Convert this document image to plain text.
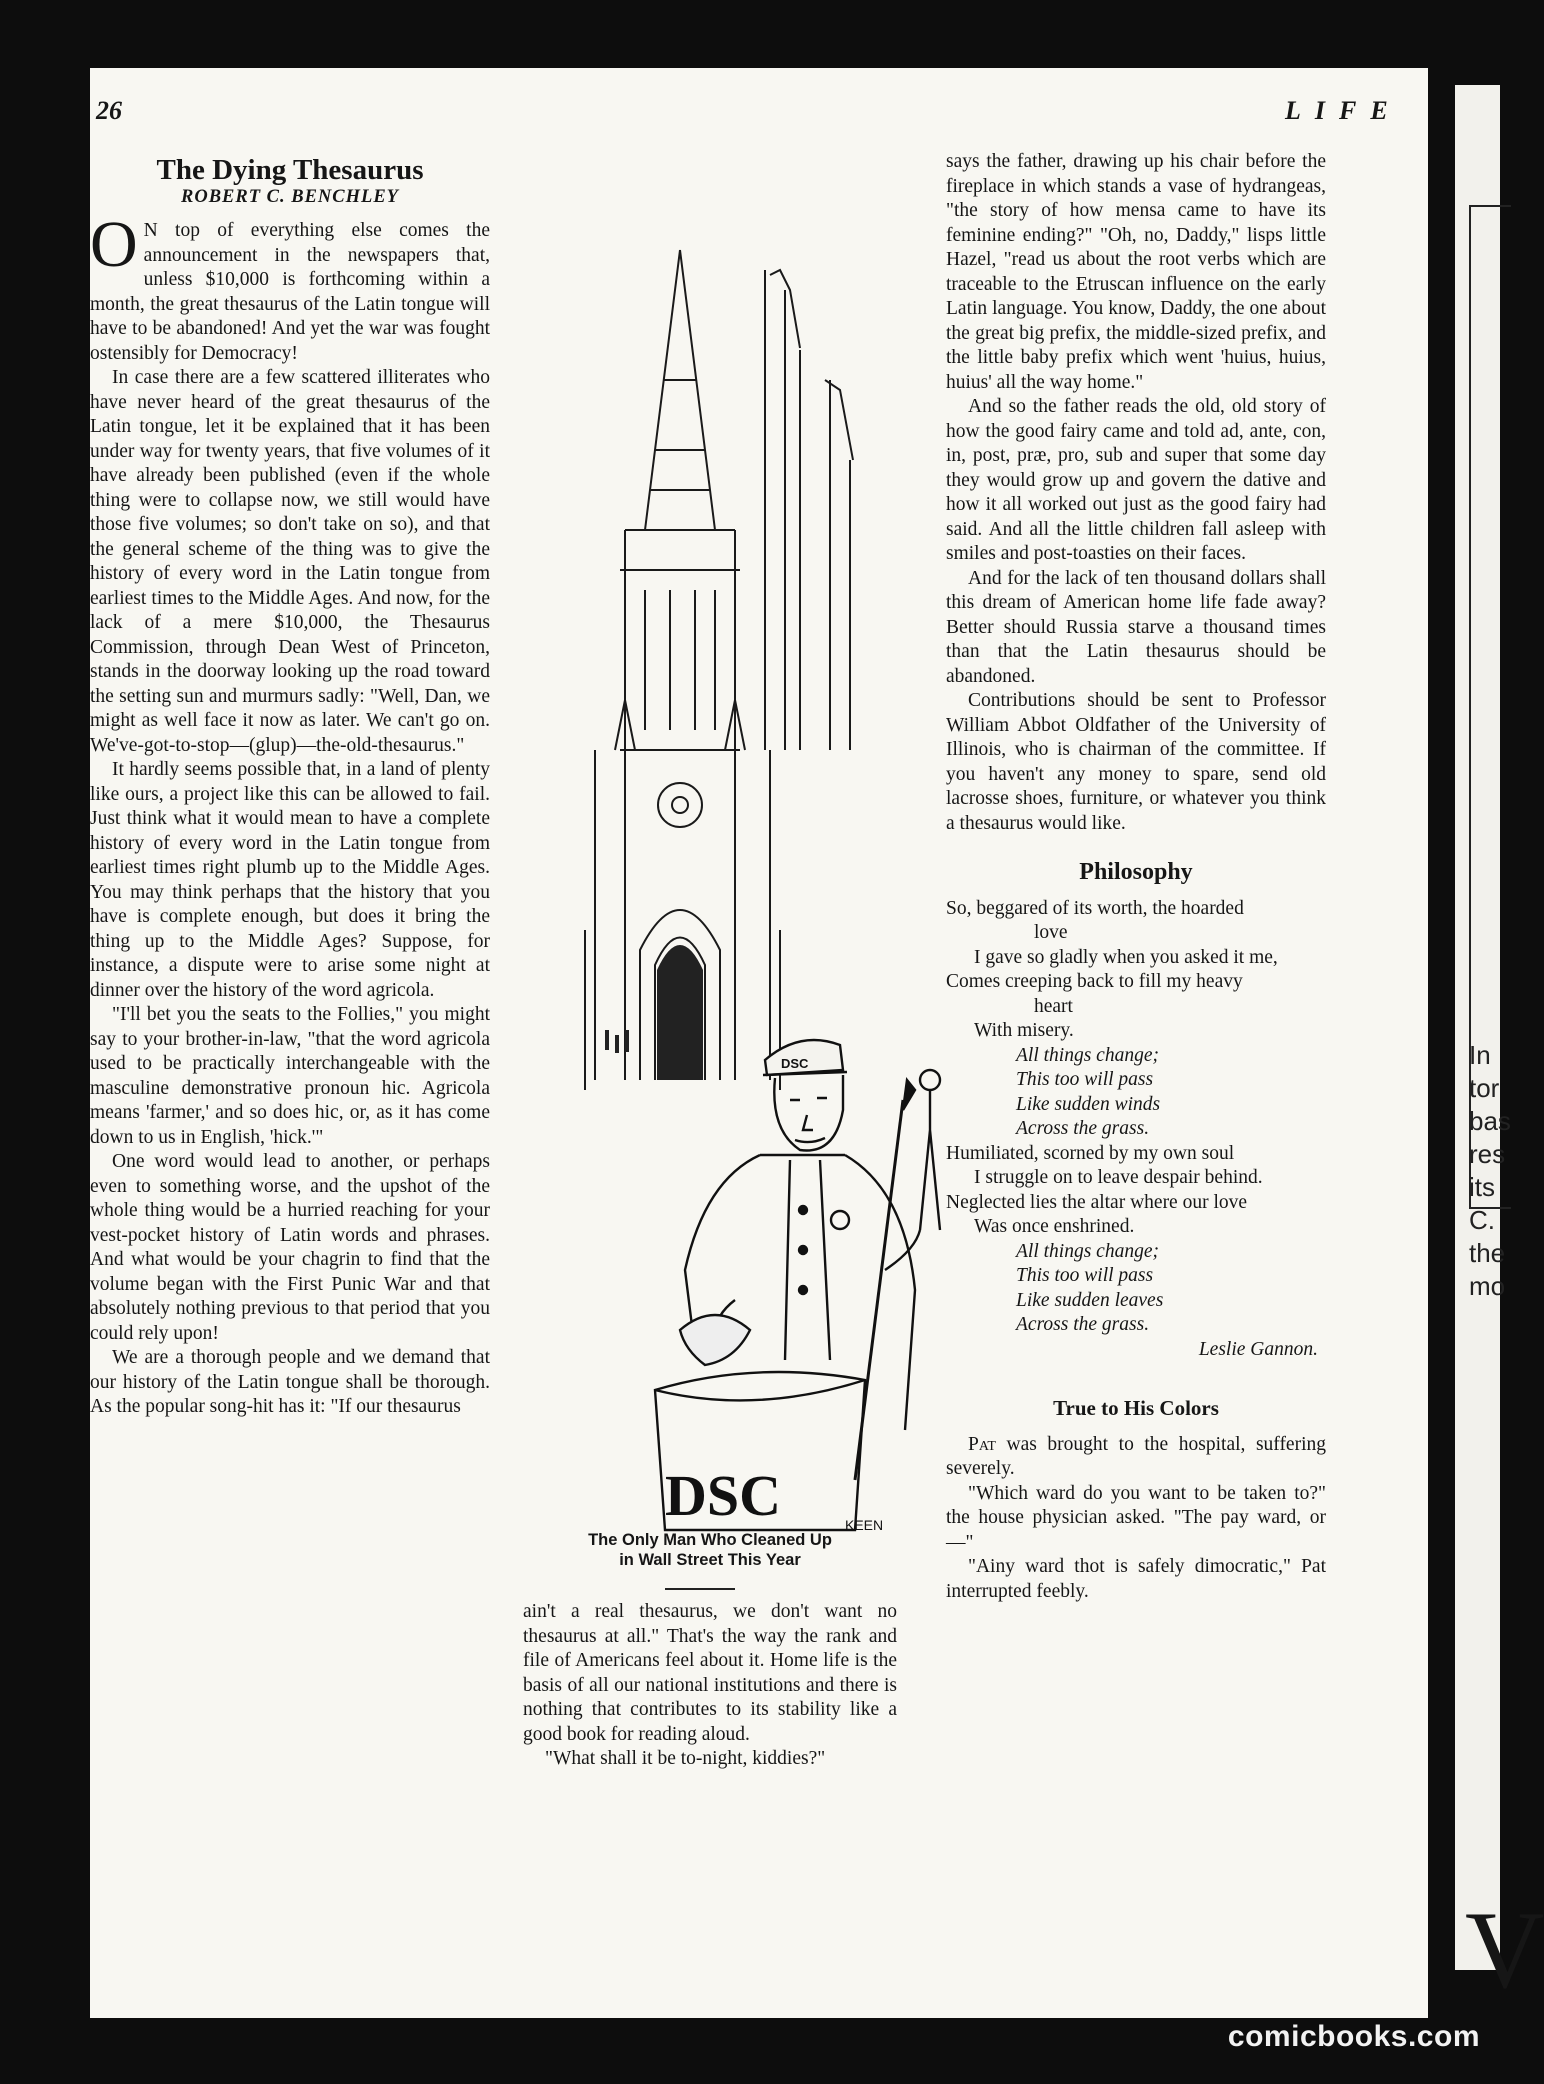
In
tor
bas
res
its
C.
the
mo
V
26	LIFE
The Dying Thesaurus
ROBERT C. BENCHLEY

O N top of everything else comes the announcement in the newspapers that, unless $10,000 is forthcoming within a month, the great thesaurus of the Latin tongue will have to be abandoned! And yet the war was fought ostensibly for Democracy!

In case there are a few scattered illiterates who have never heard of the great thesaurus of the Latin tongue, let it be explained that it has been under way for twenty years, that five volumes of it have already been published (even if the whole thing were to collapse now, we still would have those five volumes; so don't take on so), and that the general scheme of the thing was to give the history of every word in the Latin tongue from earliest times to the Middle Ages. And now, for the lack of a mere $10,000, the Thesaurus Commission, through Dean West of Princeton, stands in the doorway looking up the road toward the setting sun and murmurs sadly: "Well, Dan, we might as well face it now as later. We can't go on. We've-got-to-stop—(glup)—the-old-thesaurus."

It hardly seems possible that, in a land of plenty like ours, a project like this can be allowed to fail. Just think what it would mean to have a complete history of every word in the Latin tongue from earliest times right plumb up to the Middle Ages. You may think perhaps that the history that you have is complete enough, but does it bring the thing up to the Middle Ages? Suppose, for instance, a dispute were to arise some night at dinner over the history of the word agricola.

"I'll bet you the seats to the Follies," you might say to your brother-in-law, "that the word agricola used to be practically interchangeable with the masculine demonstrative pronoun hic. Agricola means 'farmer,' and so does hic, or, as it has come down to us in English, 'hick.'"

One word would lead to another, or perhaps even to something worse, and the upshot of the whole thing would be a hurried reaching for your vest-pocket history of Latin words and phrases. And what would be your chagrin to find that the volume began with the First Punic War and that absolutely nothing previous to that period that you could rely upon!

We are a thorough people and we demand that our history of the Latin tongue shall be thorough. As the popular song-hit has it: "If our thesaurus

DSC	KEEN
DSC
The Only Man Who Cleaned Up
in Wall Street This Year

ain't a real thesaurus, we don't want no thesaurus at all." That's the way the rank and file of Americans feel about it. Home life is the basis of all our national institutions and there is nothing that contributes to its stability like a good book for reading aloud.

"What shall it be to-night, kiddies?"

says the father, drawing up his chair before the fireplace in which stands a vase of hydrangeas, "the story of how mensa came to have its feminine ending?" "Oh, no, Daddy," lisps little Hazel, "read us about the root verbs which are traceable to the Etruscan influence on the early Latin language. You know, Daddy, the one about the great big prefix, the middle-sized prefix, and the little baby prefix which went 'huius, huius, huius' all the way home."

And so the father reads the old, old story of how the good fairy came and told ad, ante, con, in, post, præ, pro, sub and super that some day they would grow up and govern the dative and how it all worked out just as the good fairy had said. And all the little children fall asleep with smiles and post-toasties on their faces.

And for the lack of ten thousand dollars shall this dream of American home life fade away? Better should Russia starve a thousand times than that the Latin thesaurus should be abandoned.

Contributions should be sent to Professor William Abbot Oldfather of the University of Illinois, who is chairman of the committee. If you haven't any money to spare, send old lacrosse shoes, furniture, or whatever you think a thesaurus would like.

Philosophy
So, beggared of its worth, the hoarded
love
I gave so gladly when you asked it me,
Comes creeping back to fill my heavy
heart
With misery.
All things change;
This too will pass
Like sudden winds
Across the grass.
Humiliated, scorned by my own soul
I struggle on to leave despair behind.
Neglected lies the altar where our love
Was once enshrined.
All things change;
This too will pass
Like sudden leaves
Across the grass.
Leslie Gannon.
True to His Colors

Pat was brought to the hospital, suffering severely.

"Which ward do you want to be taken to?" the house physician asked. "The pay ward, or —"

"Ainy ward thot is safely dimocratic," Pat interrupted feebly.

comicbooks.com
